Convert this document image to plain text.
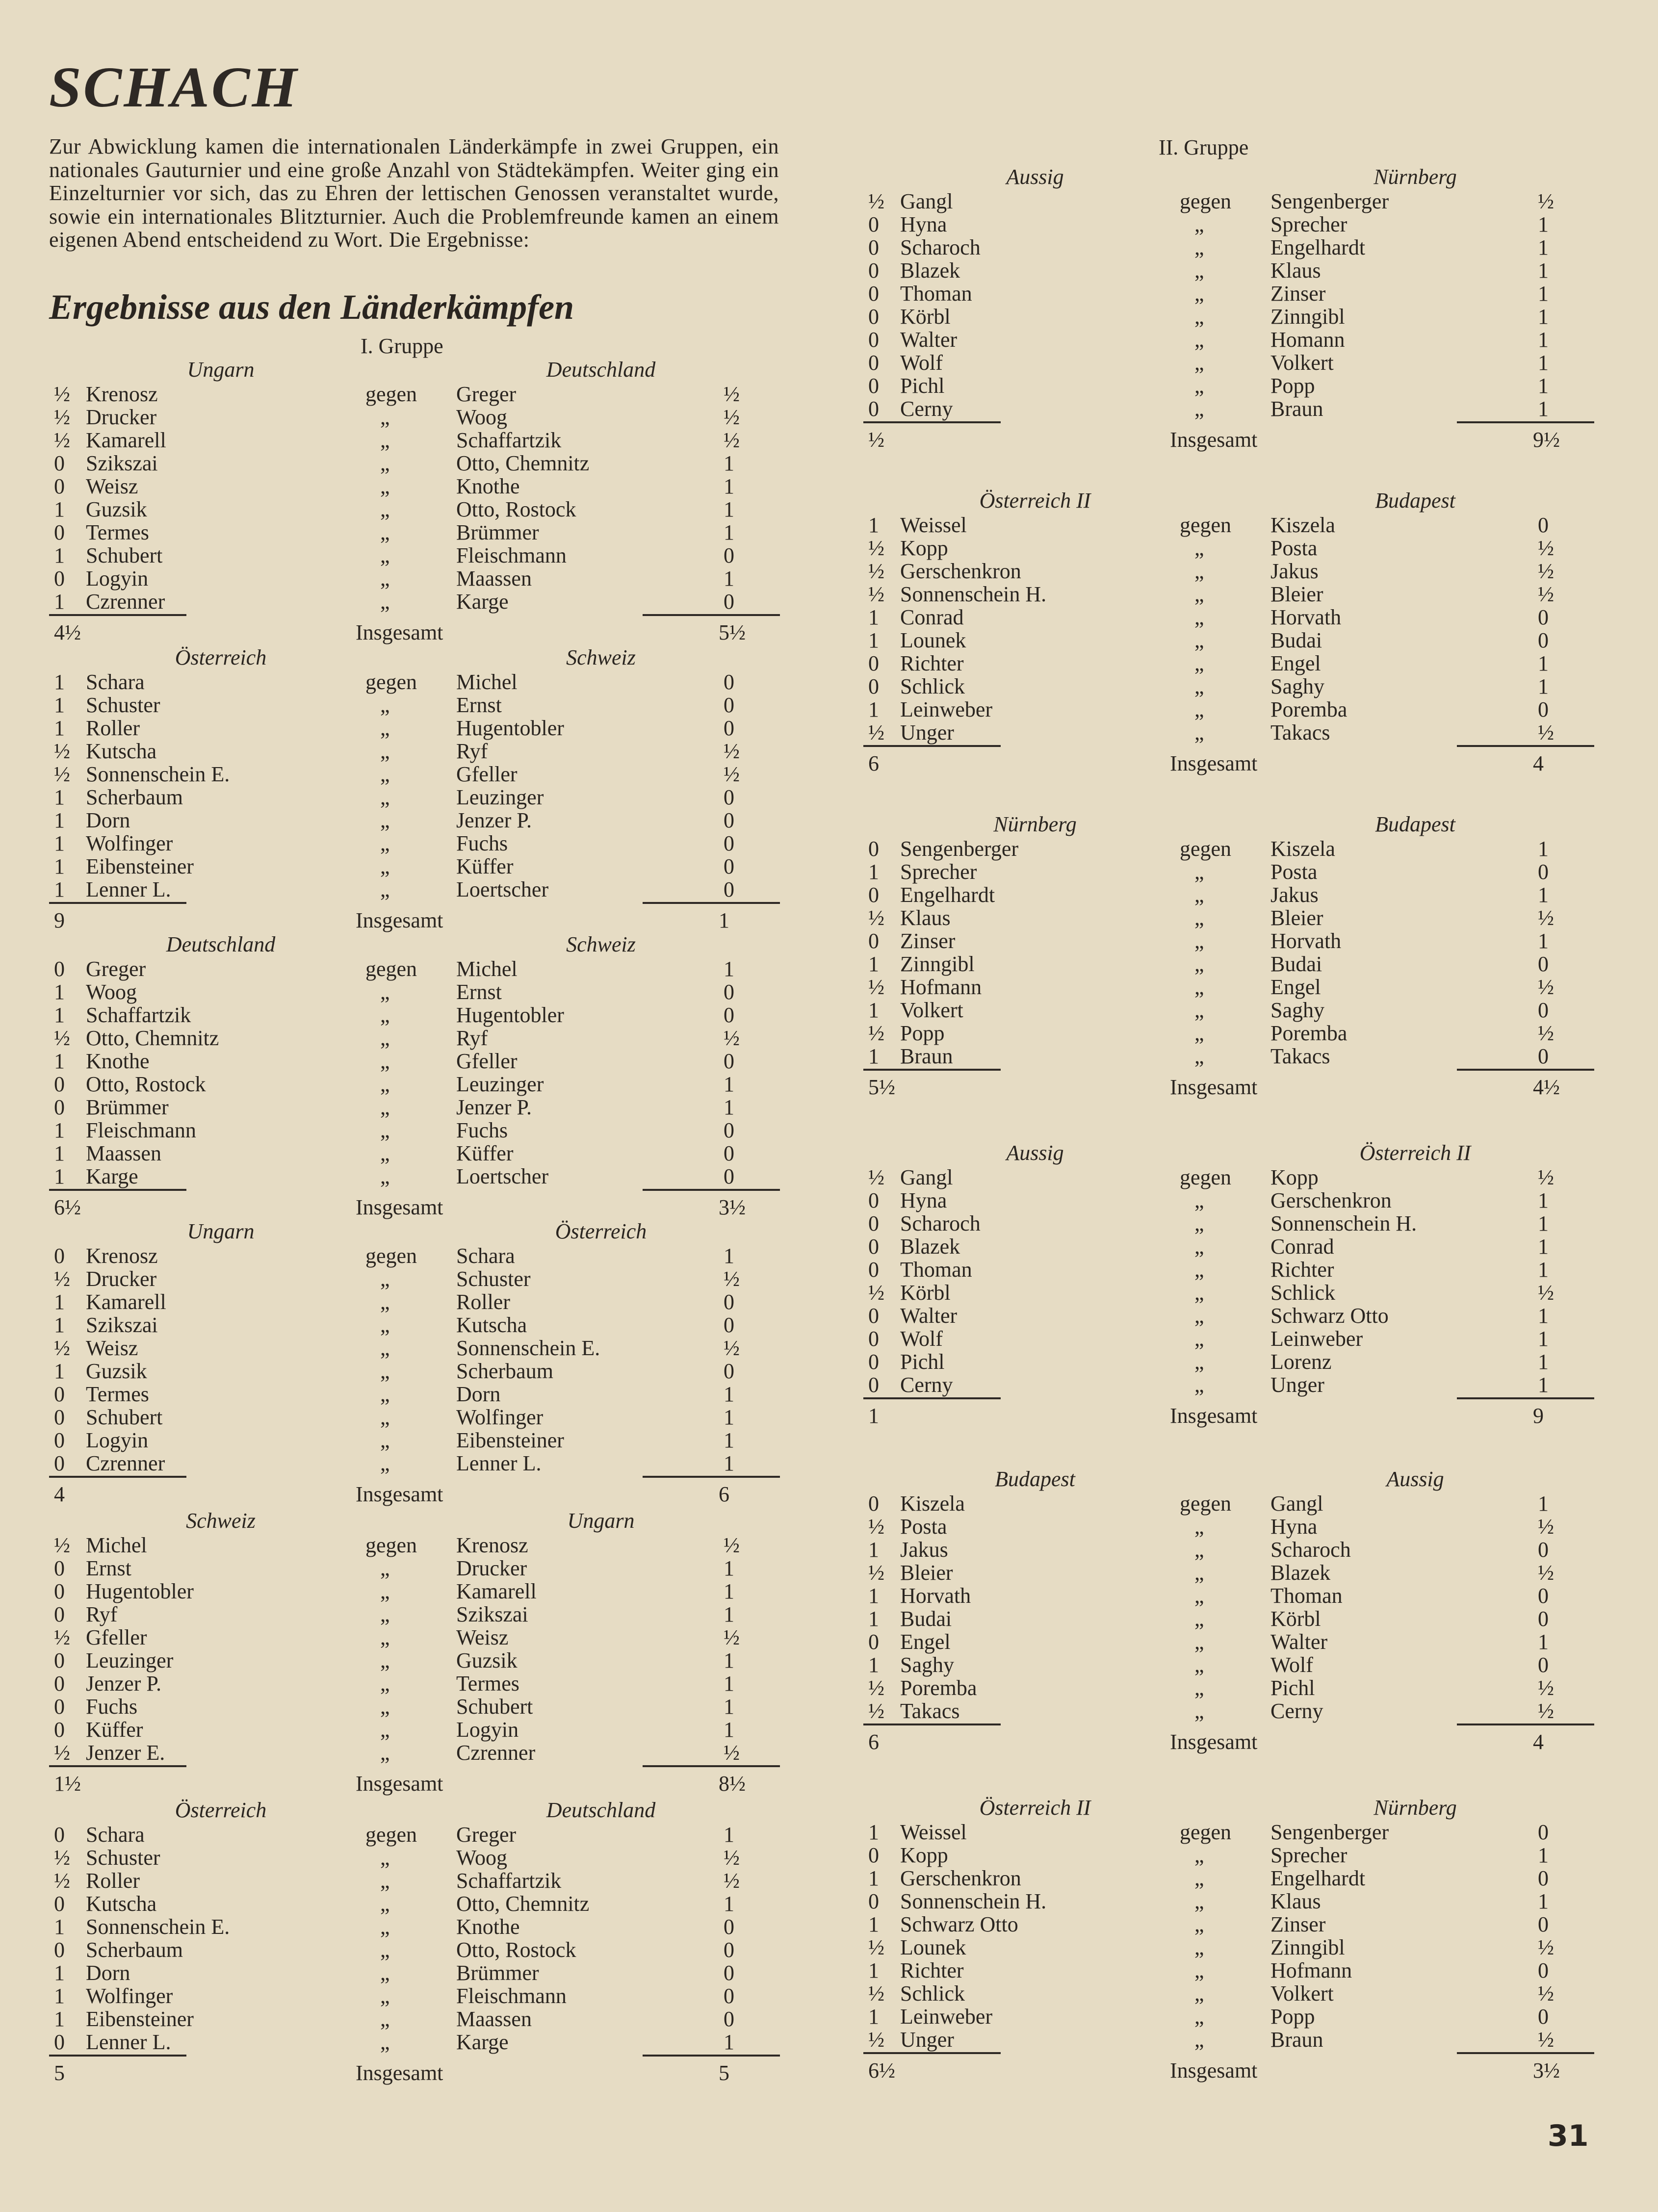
SCHACH

Zur Abwicklung kamen die internationalen Länderkämpfe in zwei Gruppen, ein nationales Gauturnier und eine große Anzahl von Städtekämpfen. Weiter ging ein Einzelturnier vor sich, das zu Ehren der lettischen Genossen veranstaltet wurde, sowie ein internationales Blitzturnier. Auch die Problemfreunde kamen an einem eigenen Abend entscheidend zu Wort. Die Ergebnisse:

Ergebnisse aus den Länderkämpfen
I. Gruppe
II. Gruppe
Ungarn	Deutschland
½ Krenosz	gegen Greger	½
½ Drucker	„	Woog	½
½ Kamarell	„	Schaffartzik	½
0 Szikszai	„	Otto, Chemnitz	1
0 Weisz	„	Knothe	1
1 Guzsik	„	Otto, Rostock	1
0 Termes	„	Brümmer	1
1 Schubert	„	Fleischmann	0
0 Logyin	„	Maassen	1
1 Czrenner	„	Karge	0
4½	Insgesamt	5½
Österreich	Schweiz
1 Schara	gegen Michel	0
1 Schuster	„	Ernst	0
1 Roller	„	Hugentobler	0
½ Kutscha	„	Ryf	½
½ Sonnenschein E.	„	Gfeller	½
1 Scherbaum	„	Leuzinger	0
1 Dorn	„	Jenzer P.	0
1 Wolfinger	„	Fuchs	0
1 Eibensteiner	„	Küffer	0
1 Lenner L.	„	Loertscher	0
9	Insgesamt	1
Deutschland	Schweiz
0 Greger	gegen Michel	1
1 Woog	„	Ernst	0
1 Schaffartzik	„	Hugentobler	0
½ Otto, Chemnitz	„	Ryf	½
1 Knothe	„	Gfeller	0
0 Otto, Rostock	„	Leuzinger	1
0 Brümmer	„	Jenzer P.	1
1 Fleischmann	„	Fuchs	0
1 Maassen	„	Küffer	0
1 Karge	„	Loertscher	0
6½	Insgesamt	3½
Ungarn	Österreich
0 Krenosz	gegen Schara	1
½ Drucker	„	Schuster	½
1 Kamarell	„	Roller	0
1 Szikszai	„	Kutscha	0
½ Weisz	„	Sonnenschein E.	½
1 Guzsik	„	Scherbaum	0
0 Termes	„	Dorn	1
0 Schubert	„	Wolfinger	1
0 Logyin	„	Eibensteiner	1
0 Czrenner	„	Lenner L.	1
4	Insgesamt	6
Schweiz	Ungarn
½ Michel	gegen Krenosz	½
0 Ernst	„	Drucker	1
0 Hugentobler	„	Kamarell	1
0 Ryf	„	Szikszai	1
½ Gfeller	„	Weisz	½
0 Leuzinger	„	Guzsik	1
0 Jenzer P.	„	Termes	1
0 Fuchs	„	Schubert	1
0 Küffer	„	Logyin	1
½ Jenzer E.	„	Czrenner	½
1½	Insgesamt	8½
Österreich	Deutschland
0 Schara	gegen Greger	1
½ Schuster	„	Woog	½
½ Roller	„	Schaffartzik	½
0 Kutscha	„	Otto, Chemnitz	1
1 Sonnenschein E.	„	Knothe	0
0 Scherbaum	„	Otto, Rostock	0
1 Dorn	„	Brümmer	0
1 Wolfinger	„	Fleischmann	0
1 Eibensteiner	„	Maassen	0
0 Lenner L.	„	Karge	1
5	Insgesamt	5
Aussig	Nürnberg
½ Gangl	gegen Sengenberger	½
0 Hyna	„	Sprecher	1
0 Scharoch	„	Engelhardt	1
0 Blazek	„	Klaus	1
0 Thoman	„	Zinser	1
0 Körbl	„	Zinngibl	1
0 Walter	„	Homann	1
0 Wolf	„	Volkert	1
0 Pichl	„	Popp	1
0 Cerny	„	Braun	1
½	Insgesamt	9½
Österreich II	Budapest
1 Weissel	gegen Kiszela	0
½ Kopp	„	Posta	½
½ Gerschenkron	„	Jakus	½
½ Sonnenschein H.	„	Bleier	½
1 Conrad	„	Horvath	0
1 Lounek	„	Budai	0
0 Richter	„	Engel	1
0 Schlick	„	Saghy	1
1 Leinweber	„	Poremba	0
½ Unger	„	Takacs	½
6	Insgesamt	4
Nürnberg	Budapest
0 Sengenberger	gegen Kiszela	1
1 Sprecher	„	Posta	0
0 Engelhardt	„	Jakus	1
½ Klaus	„	Bleier	½
0 Zinser	„	Horvath	1
1 Zinngibl	„	Budai	0
½ Hofmann	„	Engel	½
1 Volkert	„	Saghy	0
½ Popp	„	Poremba	½
1 Braun	„	Takacs	0
5½	Insgesamt	4½
Aussig	Österreich II
½ Gangl	gegen Kopp	½
0 Hyna	„	Gerschenkron	1
0 Scharoch	„	Sonnenschein H.	1
0 Blazek	„	Conrad	1
0 Thoman	„	Richter	1
½ Körbl	„	Schlick	½
0 Walter	„	Schwarz Otto	1
0 Wolf	„	Leinweber	1
0 Pichl	„	Lorenz	1
0 Cerny	„	Unger	1
1	Insgesamt	9
Budapest	Aussig
0 Kiszela	gegen Gangl	1
½ Posta	„	Hyna	½
1 Jakus	„	Scharoch	0
½ Bleier	„	Blazek	½
1 Horvath	„	Thoman	0
1 Budai	„	Körbl	0
0 Engel	„	Walter	1
1 Saghy	„	Wolf	0
½ Poremba	„	Pichl	½
½ Takacs	„	Cerny	½
6	Insgesamt	4
Österreich II	Nürnberg
1 Weissel	gegen Sengenberger	0
0 Kopp	„	Sprecher	1
1 Gerschenkron	„	Engelhardt	0
0 Sonnenschein H.	„	Klaus	1
1 Schwarz Otto	„	Zinser	0
½ Lounek	„	Zinngibl	½
1 Richter	„	Hofmann	0
½ Schlick	„	Volkert	½
1 Leinweber	„	Popp	0
½ Unger	„	Braun	½
6½	Insgesamt	3½
31
